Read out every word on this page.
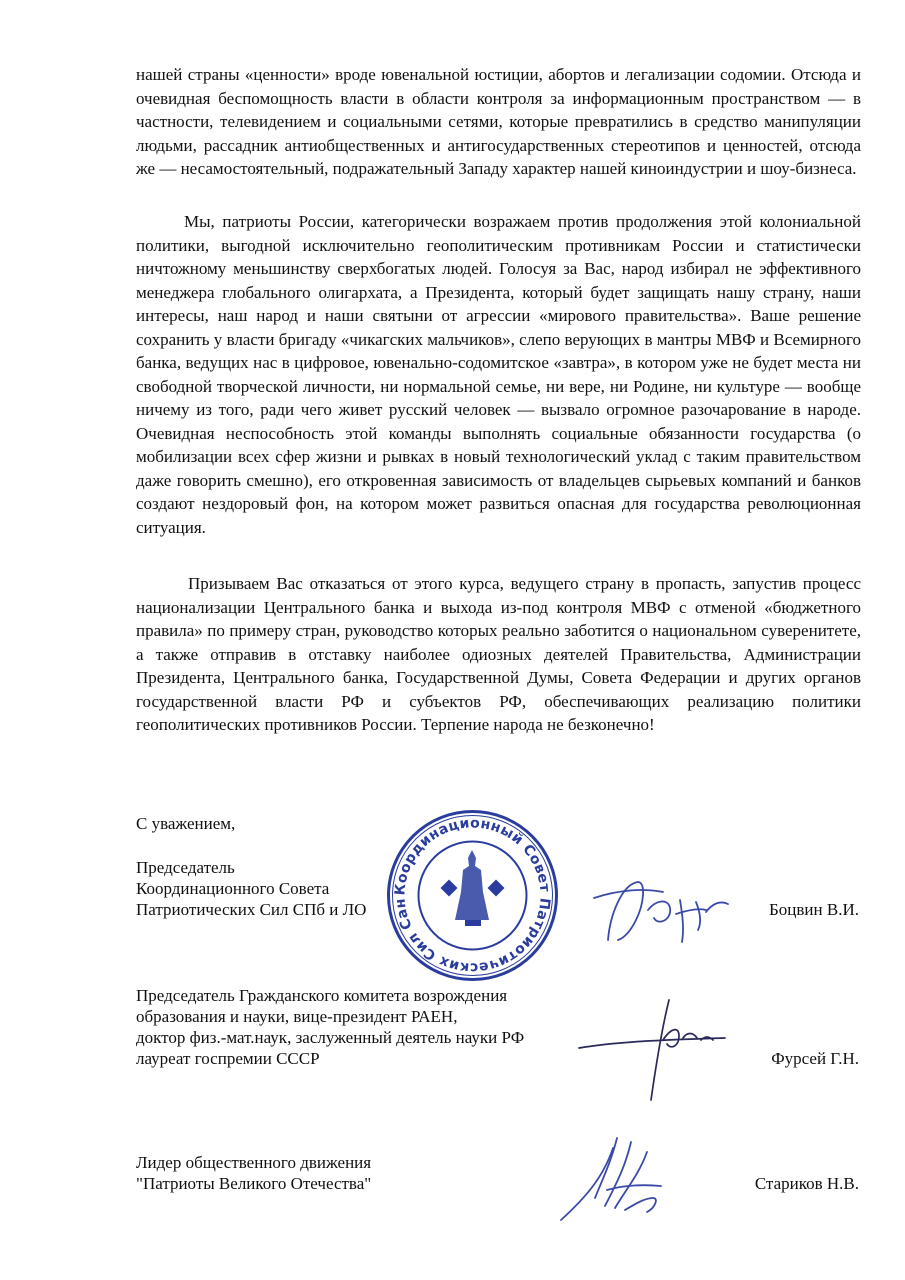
нашей страны «ценности» вроде ювенальной юстиции, абортов и легализации содомии. Отсюда и очевидная беспомощность власти в области контроля за информационным пространством — в частности, телевидением и социальными сетями, которые превратились в средство манипуляции людьми, рассадник антиобщественных и антигосударственных стереотипов и ценностей, отсюда же — несамостоятельный, подражательный Западу характер нашей киноиндустрии и шоу-бизнеса.

Мы, патриоты России, категорически возражаем против продолжения этой колониальной политики, выгодной исключительно геополитическим противникам России и статистически ничтожному меньшинству сверхбогатых людей. Голосуя за Вас, народ избирал не эффективного менеджера глобального олигархата, а Президента, который будет защищать нашу страну, наши интересы, наш народ и наши святыни от агрессии «мирового правительства». Ваше решение сохранить у власти бригаду «чикагских мальчиков», слепо верующих в мантры МВФ и Всемирного банка, ведущих нас в цифровое, ювенально-содомитское «завтра», в котором уже не будет места ни свободной творческой личности, ни нормальной семье, ни вере, ни Родине, ни культуре — вообще ничему из того, ради чего живет русский человек — вызвало огромное разочарование в народе. Очевидная неспособность этой команды выполнять социальные обязанности государства (о мобилизации всех сфер жизни и рывках в новый технологический уклад с таким правительством даже говорить смешно), его откровенная зависимость от владельцев сырьевых компаний и банков создают нездоровый фон, на котором может развиться опасная для государства революционная ситуация.

Призываем Вас отказаться от этого курса, ведущего страну в пропасть, запустив процесс национализации Центрального банка и выхода из-под контроля МВФ с отменой «бюджетного правила» по примеру стран, руководство которых реально заботится о национальном суверенитете, а также отправив в отставку наиболее одиозных деятелей Правительства, Администрации Президента, Центрального банка, Государственной Думы, Совета Федерации и других органов государственной власти РФ и субъектов РФ, обеспечивающих реализацию политики геополитических противников России. Терпение народа не безконечно!

С уважением,

Председатель

Координационного Совета

Патриотических Сил СПб и ЛО	Боцвин В.И.
Координационный Совет Патриотических Сил Санкт-Петербурга и ЛО

Председатель Гражданского комитета возрождения

образования и науки, вице-президент РАЕН,

доктор физ.-мат.наук, заслуженный деятель науки РФ

лауреат госпремии СССР	Фурсей Г.Н.

Лидер общественного движения

"Патриоты Великого Отечества"	Стариков Н.В.
